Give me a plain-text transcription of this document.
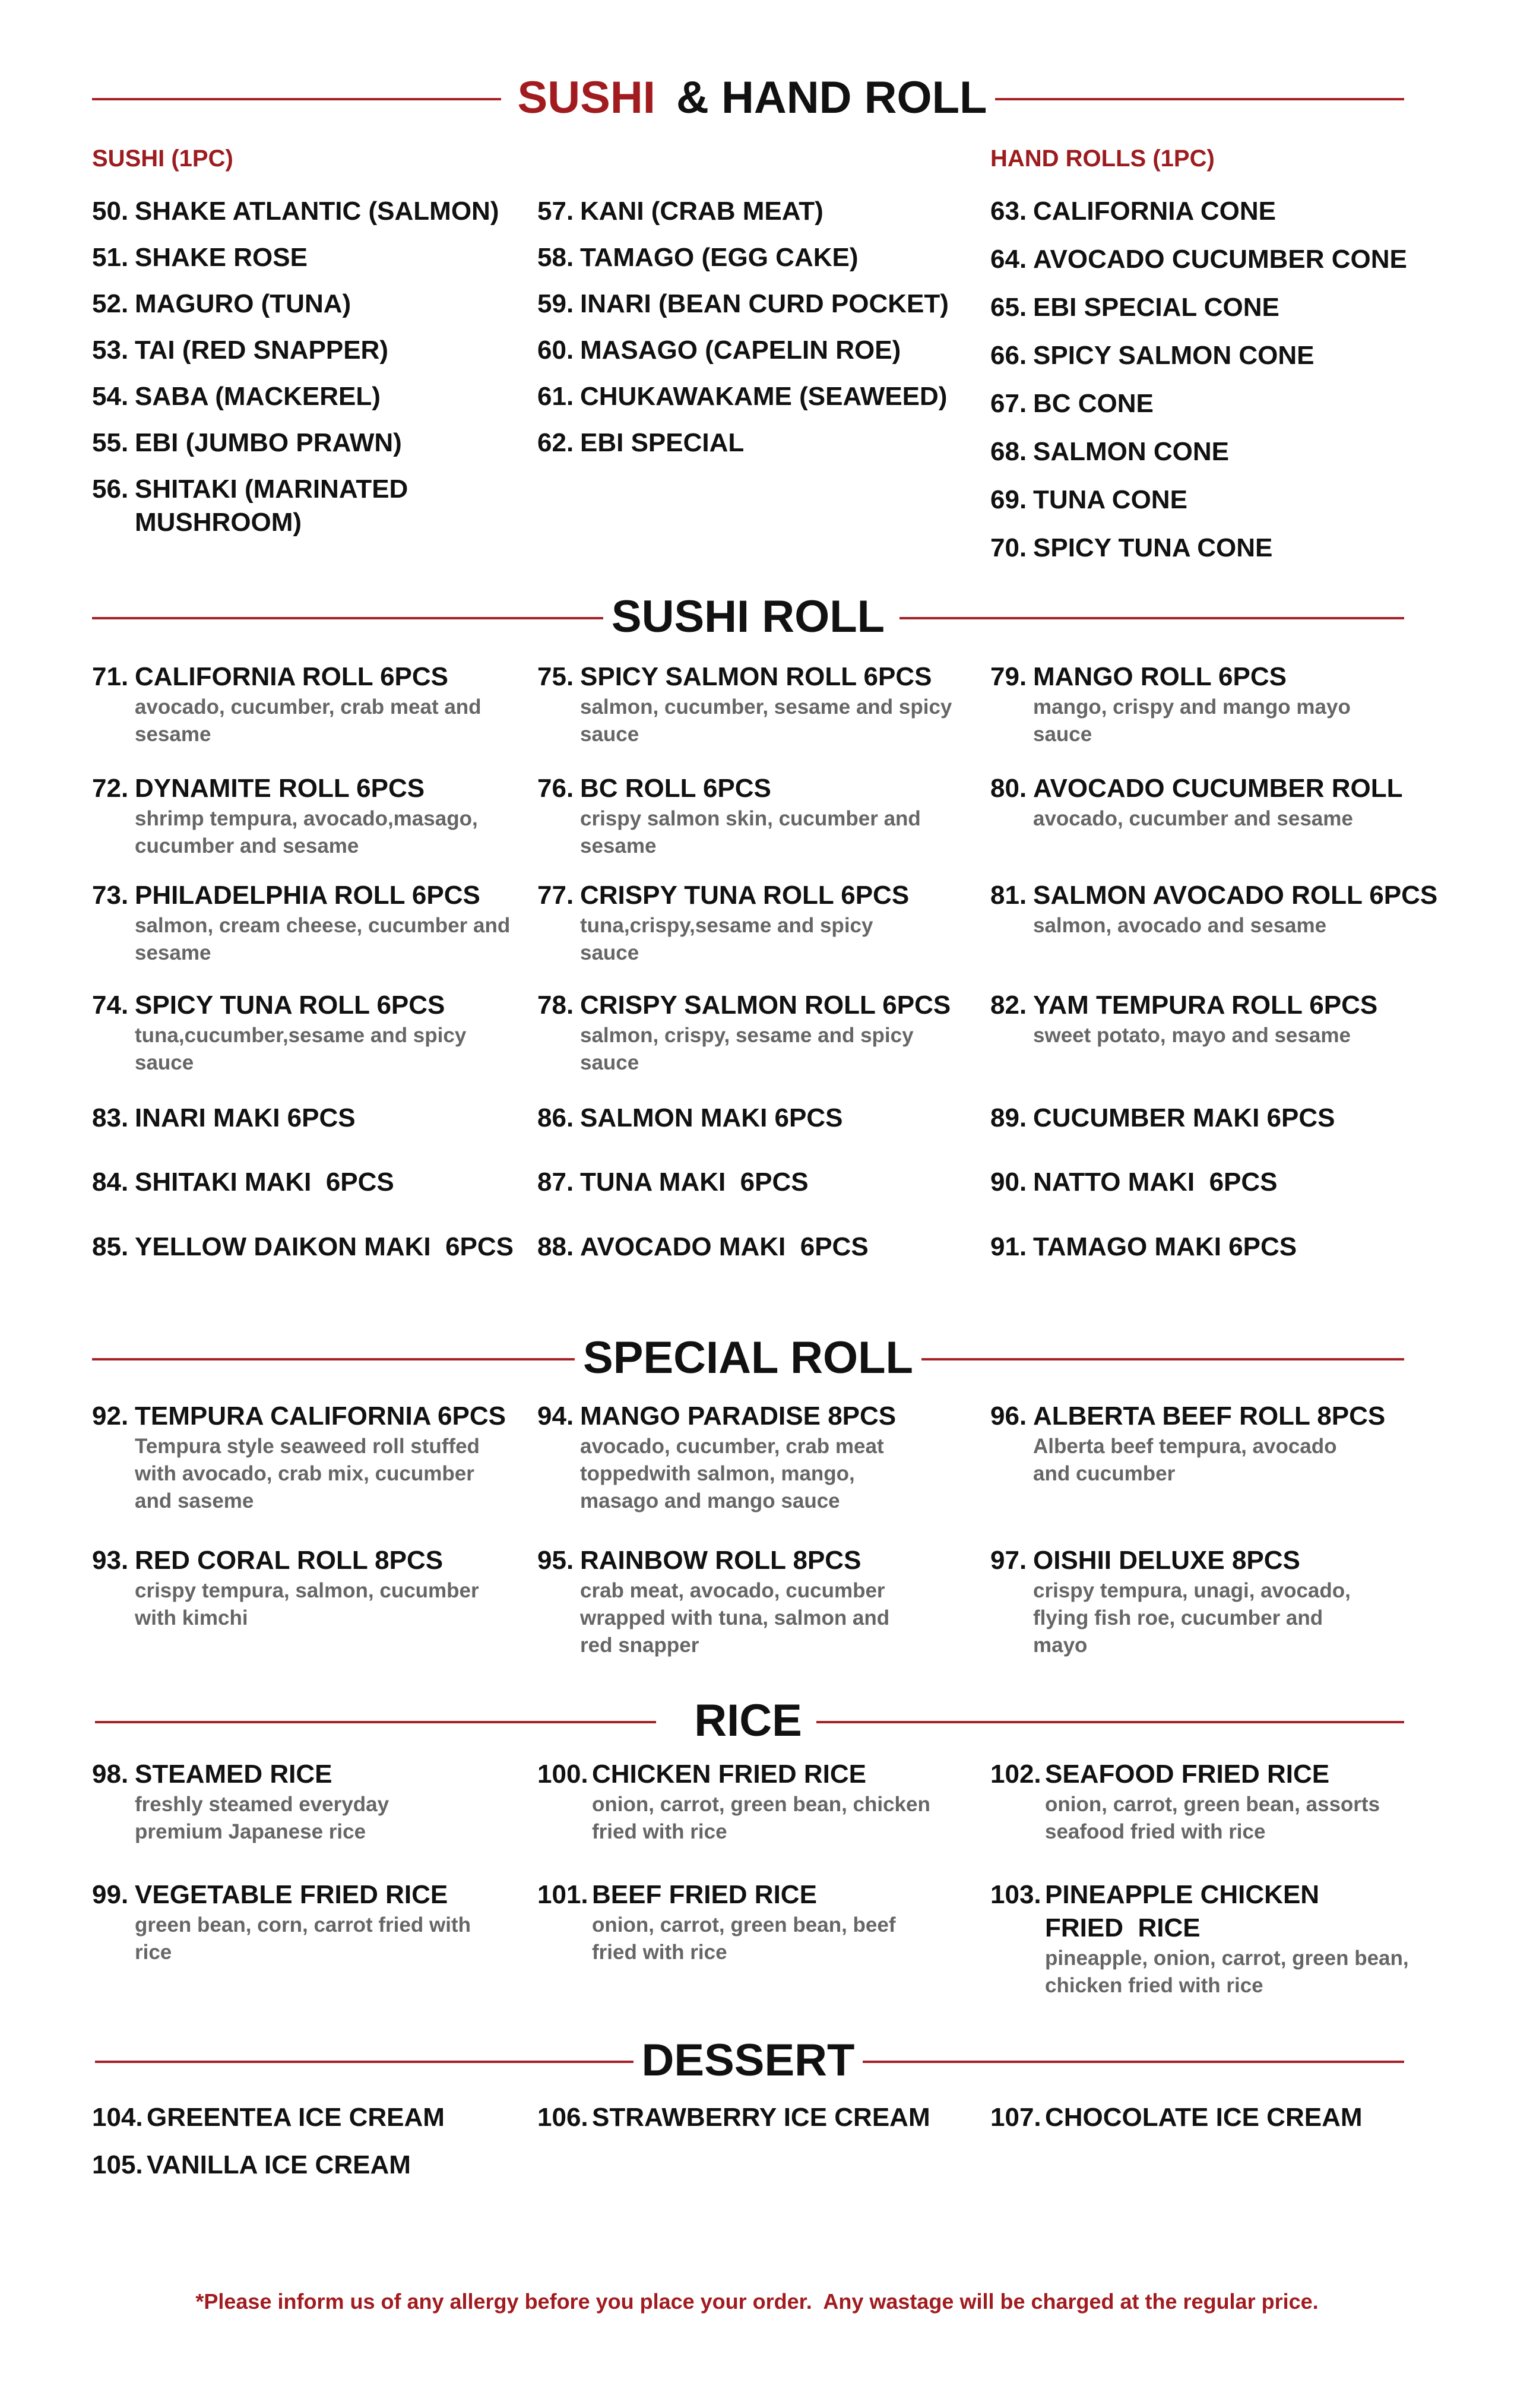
SUSHI & HAND ROLL
SUSHI (1PC)	HAND ROLLS (1PC)
50. SHAKE ATLANTIC (SALMON)
51. SHAKE ROSE
52. MAGURO (TUNA)
53. TAI (RED SNAPPER)
54. SABA (MACKEREL)
55. EBI (JUMBO PRAWN)
56. SHITAKI (MARINATED MUSHROOM)
57. KANI (CRAB MEAT)
58. TAMAGO (EGG CAKE)
59. INARI (BEAN CURD POCKET)
60. MASAGO (CAPELIN ROE)
61. CHUKAWAKAME (SEAWEED)
62. EBI SPECIAL
63. CALIFORNIA CONE
64. AVOCADO CUCUMBER CONE
65. EBI SPECIAL CONE
66. SPICY SALMON CONE
67. BC CONE
68. SALMON CONE
69. TUNA CONE
70. SPICY TUNA CONE
SUSHI ROLL
71. CALIFORNIA ROLL 6PCS
avocado, cucumber, crab meat and sesame
72. DYNAMITE ROLL 6PCS
shrimp tempura, avocado,masago, cucumber and sesame
73. PHILADELPHIA ROLL 6PCS
salmon, cream cheese, cucumber and sesame
74. SPICY TUNA ROLL 6PCS
tuna,cucumber,sesame and spicy sauce
83. INARI MAKI 6PCS
84. SHITAKI MAKI  6PCS
85. YELLOW DAIKON MAKI  6PCS
75. SPICY SALMON ROLL 6PCS
salmon, cucumber, sesame and spicy sauce
76. BC ROLL 6PCS
crispy salmon skin, cucumber and sesame
77. CRISPY TUNA ROLL 6PCS
tuna,crispy,sesame and spicy sauce
78. CRISPY SALMON ROLL 6PCS
salmon, crispy, sesame and spicy sauce
86. SALMON MAKI 6PCS
87. TUNA MAKI  6PCS
88. AVOCADO MAKI  6PCS
79. MANGO ROLL 6PCS
mango, crispy and mango mayo sauce
80. AVOCADO CUCUMBER ROLL
avocado, cucumber and sesame
81. SALMON AVOCADO ROLL 6PCS
salmon, avocado and sesame
82. YAM TEMPURA ROLL 6PCS
sweet potato, mayo and sesame
89. CUCUMBER MAKI 6PCS
90. NATTO MAKI  6PCS
91. TAMAGO MAKI 6PCS
SPECIAL ROLL
92. TEMPURA CALIFORNIA 6PCS
Tempura style seaweed roll stuffed with avocado, crab mix, cucumber and saseme
93. RED CORAL ROLL 8PCS
crispy tempura, salmon, cucumber with kimchi
94. MANGO PARADISE 8PCS
avocado, cucumber, crab meat toppedwith salmon, mango, masago and mango sauce
95. RAINBOW ROLL 8PCS
crab meat, avocado, cucumber wrapped with tuna, salmon and red snapper
96. ALBERTA BEEF ROLL 8PCS
Alberta beef tempura, avocado and cucumber
97. OISHII DELUXE 8PCS
crispy tempura, unagi, avocado, flying fish roe, cucumber and mayo
RICE
98. STEAMED RICE
freshly steamed everyday premium Japanese rice
99. VEGETABLE FRIED RICE
green bean, corn, carrot fried with rice
100. CHICKEN FRIED RICE
onion, carrot, green bean, chicken fried with rice
101. BEEF FRIED RICE
onion, carrot, green bean, beef fried with rice
102. SEAFOOD FRIED RICE
onion, carrot, green bean, assorts seafood fried with rice
103. PINEAPPLE CHICKEN FRIED  RICE
pineapple, onion, carrot, green bean, chicken fried with rice
DESSERT
104. GREENTEA ICE CREAM
105. VANILLA ICE CREAM
106. STRAWBERRY ICE CREAM	107. CHOCOLATE ICE CREAM
*Please inform us of any allergy before you place your order.  Any wastage will be charged at the regular price.
